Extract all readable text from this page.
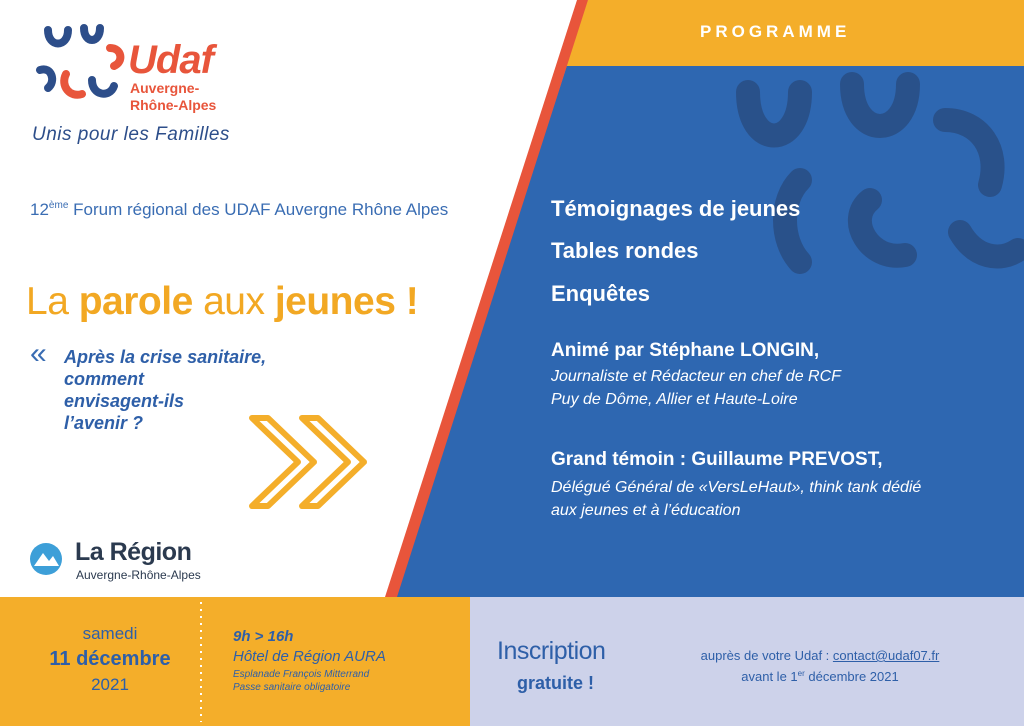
Udaf
Auvergne-Rhône-Alpes
Unis pour les Familles
12ème Forum régional des UDAF Auvergne Rhône Alpes
La parole aux jeunes !
« Après la crise sanitaire,
comment
envisagent-ils
l’avenir ?
La Région
Auvergne-Rhône-Alpes
PROGRAMME
Témoignages de jeunes
Tables rondes
Enquêtes
Animé par Stéphane LONGIN,
Journaliste et Rédacteur en chef de RCF
Puy de Dôme, Allier et Haute-Loire
Grand témoin : Guillaume PREVOST,
Délégué Général de «VersLeHaut», think tank dédié
aux jeunes et à l’éducation
samedi
11 décembre
2021
9h > 16h
Hôtel de Région AURA
Esplanade François Mitterrand
Passe sanitaire obligatoire
Inscription
gratuite !
auprès de votre Udaf : contact@udaf07.fr
avant le 1er décembre 2021
